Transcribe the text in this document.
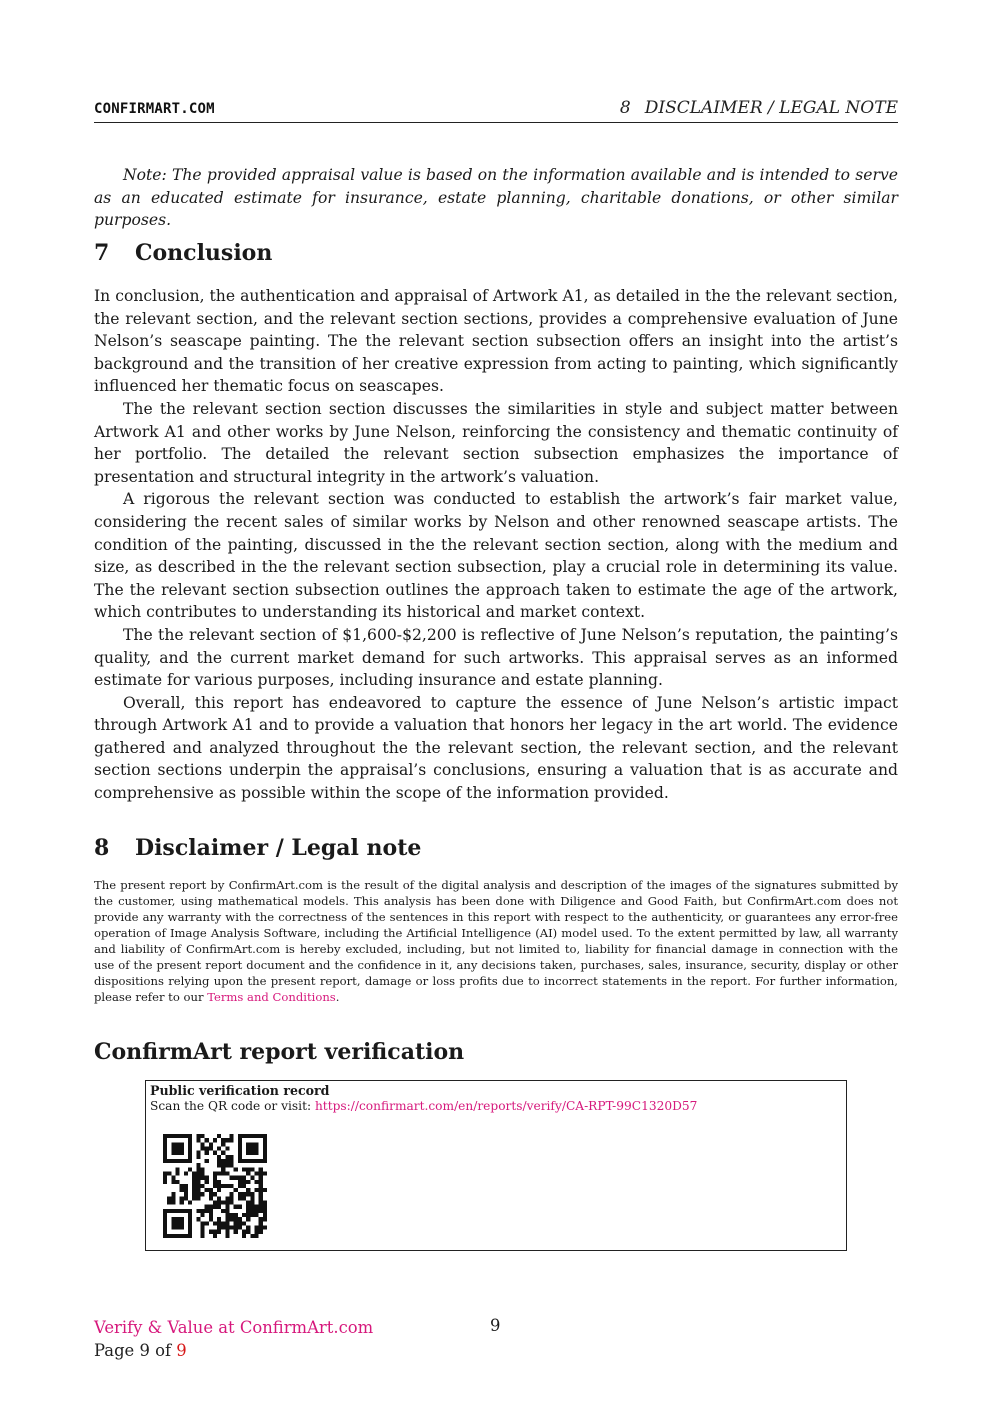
CONFIRMART.COM	8 DISCLAIMER / LEGAL NOTE

Note: The provided appraisal value is based on the information available and is intended to serve as an educated estimate for insurance, estate planning, charitable donations, or other similar purposes.

7 Conclusion

In conclusion, the authentication and appraisal of Artwork A1, as detailed in the the relevant section, the relevant section, and the relevant section sections, provides a comprehensive evaluation of June Nelson’s seascape painting. The the relevant section subsection offers an insight into the artist’s background and the transition of her creative expression from acting to painting, which significantly influenced her thematic focus on seascapes.

The the relevant section section discusses the similarities in style and subject matter between Artwork A1 and other works by June Nelson, reinforcing the consistency and thematic continuity of her portfolio. The detailed the relevant section subsection emphasizes the importance of presentation and structural integrity in the artwork’s valuation.

A rigorous the relevant section was conducted to establish the artwork’s fair market value, considering the recent sales of similar works by Nelson and other renowned seascape artists. The condition of the painting, discussed in the the relevant section section, along with the medium and size, as described in the the relevant section subsection, play a crucial role in determining its value. The the relevant section subsection outlines the approach taken to estimate the age of the artwork, which contributes to understanding its historical and market context.

The the relevant section of $1,600-$2,200 is reflective of June Nelson’s reputation, the painting’s quality, and the current market demand for such artworks. This appraisal serves as an informed estimate for various purposes, including insurance and estate planning.

Overall, this report has endeavored to capture the essence of June Nelson’s artistic impact through Artwork A1 and to provide a valuation that honors her legacy in the art world. The evidence gathered and analyzed throughout the the relevant section, the relevant section, and the relevant section sections underpin the appraisal’s conclusions, ensuring a valuation that is as accurate and comprehensive as possible within the scope of the information provided.

8 Disclaimer / Legal note

The present report by ConfirmArt.com is the result of the digital analysis and description of the images of the signatures submitted by the customer, using mathematical models. This analysis has been done with Diligence and Good Faith, but ConfirmArt.com does not provide any warranty with the correctness of the sentences in this report with respect to the authenticity, or guarantees any error-free operation of Image Analysis Software, including the Artificial Intelligence (AI) model used. To the extent permitted by law, all warranty and liability of ConfirmArt.com is hereby excluded, including, but not limited to, liability for financial damage in connection with the use of the present report document and the confidence in it, any decisions taken, purchases, sales, insurance, security, display or other dispositions relying upon the present report, damage or loss profits due to incorrect statements in the report. For further information, please refer to our Terms and Conditions.

ConfirmArt report verification
Public verification record
Scan the QR code or visit: https://confirmart.com/en/reports/verify/CA-RPT-99C1320D57
Verify & Value at ConfirmArt.com
Page 9 of 9
9
